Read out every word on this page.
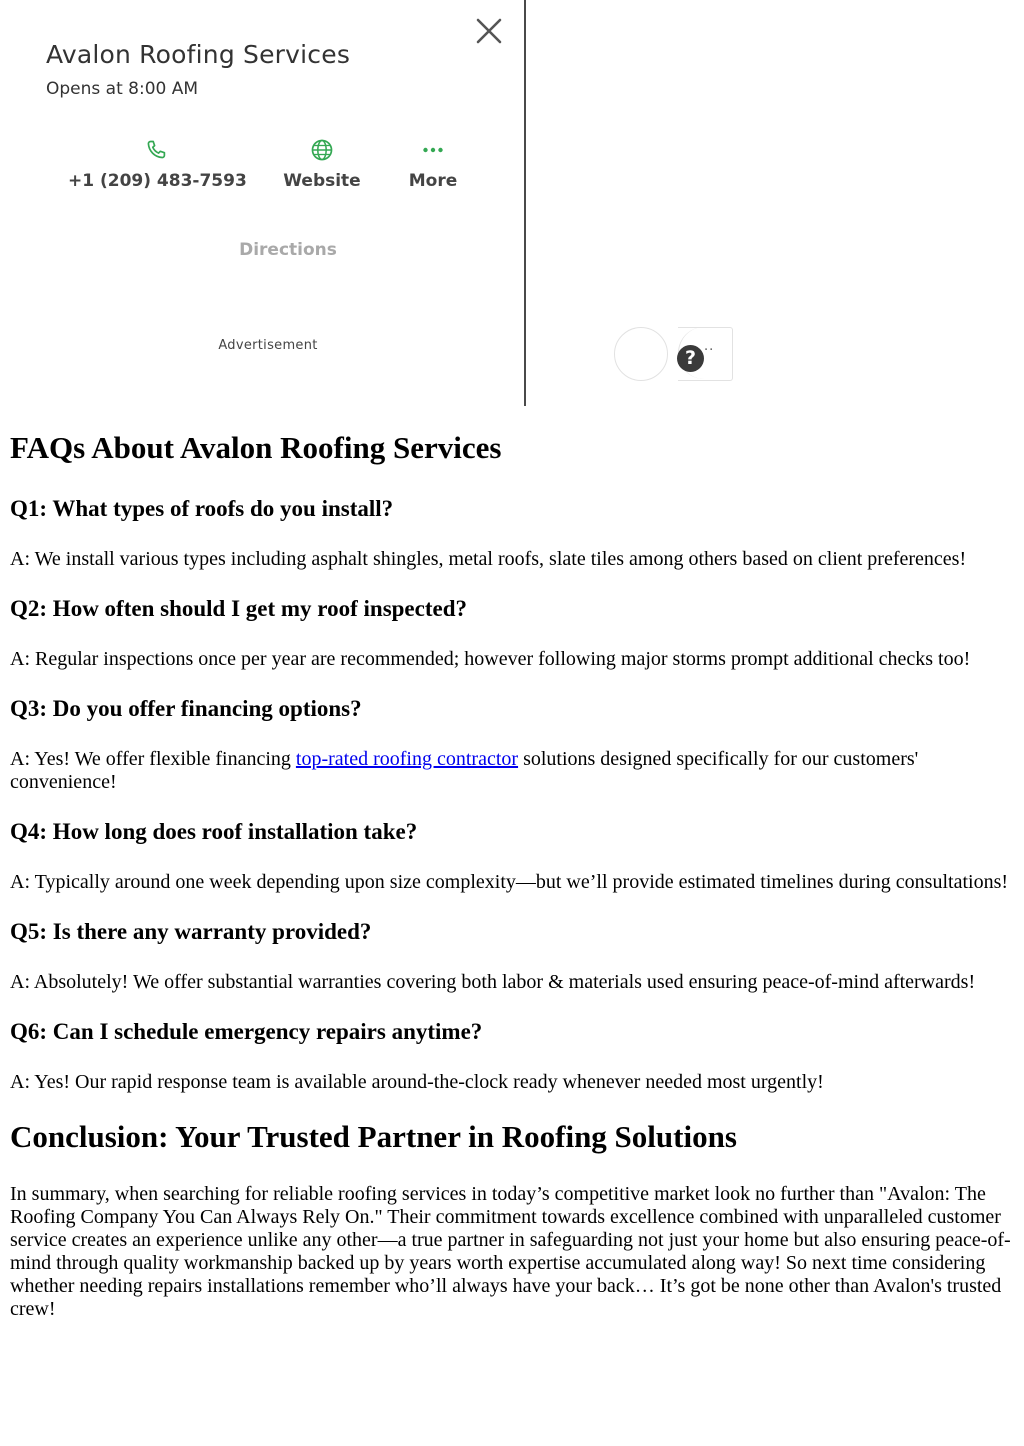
Avalon Roofing Services
Opens at 8:00 AM
+1 (209) 483-7593	Website	More
Directions
Advertisement
? ··
FAQs About Avalon Roofing Services
Q1: What types of roofs do you install?

A: We install various types including asphalt shingles, metal roofs, slate tiles among others based on client preferences!

Q2: How often should I get my roof inspected?

A: Regular inspections once per year are recommended; however following major storms prompt additional checks too!

Q3: Do you offer financing options?

A: Yes! We offer flexible financing top-rated roofing contractor solutions designed specifically for our customers' convenience!

Q4: How long does roof installation take?

A: Typically around one week depending upon size complexity—but we’ll provide estimated timelines during consultations!

Q5: Is there any warranty provided?

A: Absolutely! We offer substantial warranties covering both labor & materials used ensuring peace-of-mind afterwards!

Q6: Can I schedule emergency repairs anytime?

A: Yes! Our rapid response team is available around-the-clock ready whenever needed most urgently!

Conclusion: Your Trusted Partner in Roofing Solutions

In summary, when searching for reliable roofing services in today’s competitive market look no further than "Avalon: The Roofing Company You Can Always Rely On." Their commitment towards excellence combined with unparalleled customer service creates an experience unlike any other—a true partner in safeguarding not just your home but also ensuring peace-of-mind through quality workmanship backed up by years worth expertise accumulated along way! So next time considering whether needing repairs installations remember who’ll always have your back… It’s got be none other than Avalon's trusted crew!
